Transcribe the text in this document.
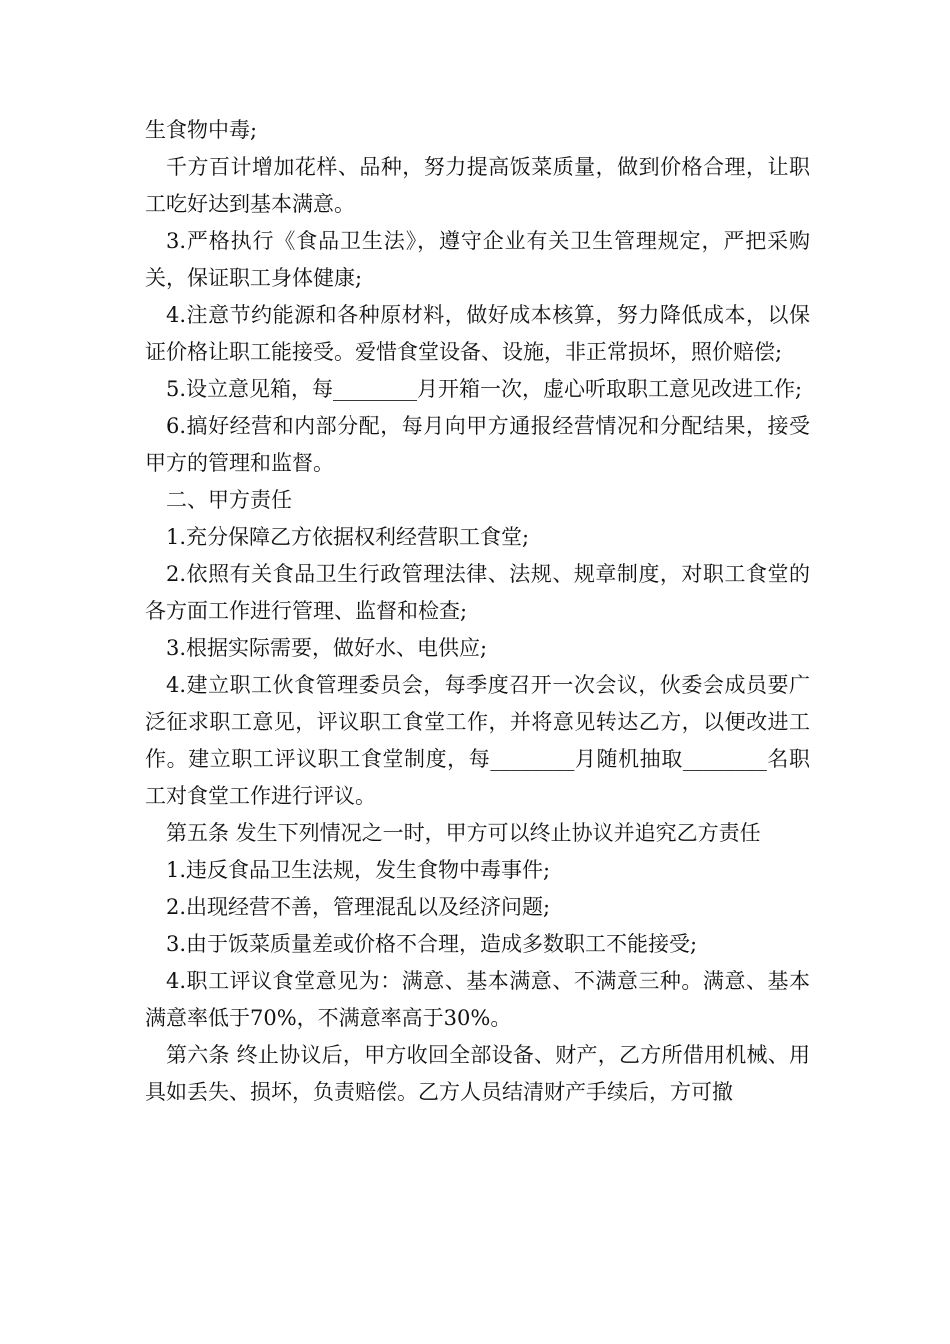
生食物中毒;

千方百计增加花样、品种，努力提高饭菜质量，做到价格合理，让职工吃好达到基本满意。

3.严格执行《食品卫生法》，遵守企业有关卫生管理规定，严把采购关，保证职工身体健康;

4.注意节约能源和各种原材料，做好成本核算，努力降低成本，以保证价格让职工能接受。爱惜食堂设备、设施，非正常损坏，照价赔偿;

5.设立意见箱，每________月开箱一次，虚心听取职工意见改进工作;

6.搞好经营和内部分配，每月向甲方通报经营情况和分配结果，接受甲方的管理和监督。

二、甲方责任

1.充分保障乙方依据权利经营职工食堂;

2.依照有关食品卫生行政管理法律、法规、规章制度，对职工食堂的各方面工作进行管理、监督和检查;

3.根据实际需要，做好水、电供应;

4.建立职工伙食管理委员会，每季度召开一次会议，伙委会成员要广泛征求职工意见，评议职工食堂工作，并将意见转达乙方，以便改进工作。建立职工评议职工食堂制度，每________月随机抽取________名职工对食堂工作进行评议。

第五条 发生下列情况之一时，甲方可以终止协议并追究乙方责任

1.违反食品卫生法规，发生食物中毒事件;

2.出现经营不善，管理混乱以及经济问题;

3.由于饭菜质量差或价格不合理，造成多数职工不能接受;

4.职工评议食堂意见为：满意、基本满意、不满意三种。满意、基本满意率低于70%，不满意率高于30%。

第六条 终止协议后，甲方收回全部设备、财产，乙方所借用机械、用具如丢失、损坏，负责赔偿。乙方人员结清财产手续后，方可撤
